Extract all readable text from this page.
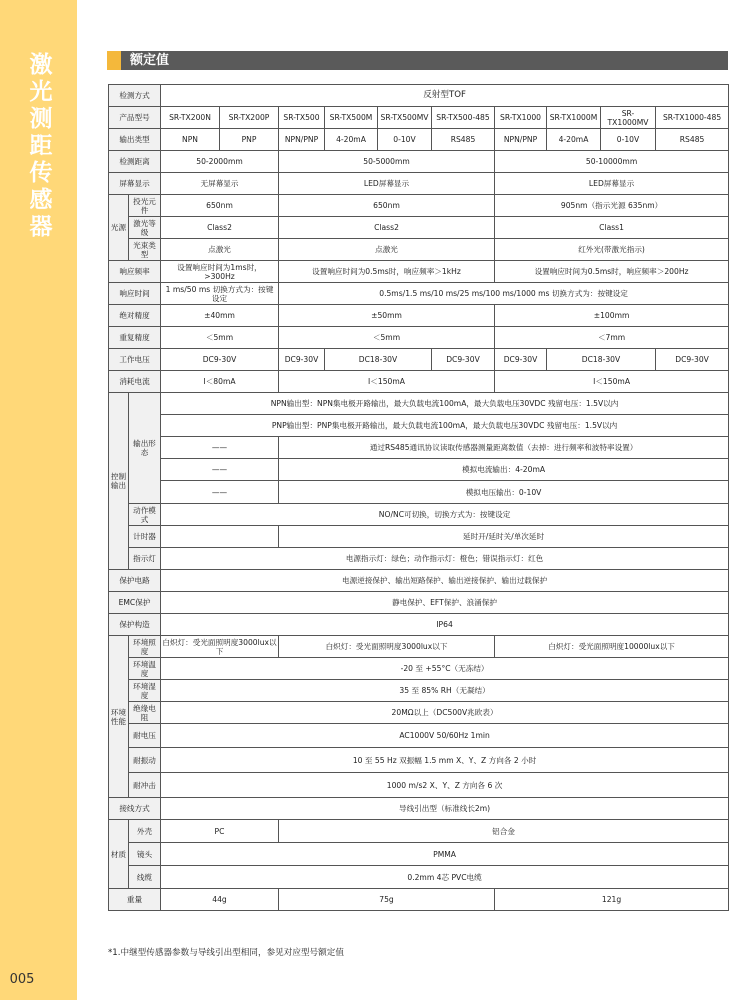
激
光
测
距
传
感
器
005
额定值
检测方式		反射型TOF									
产品型号		SR-TX200N	SR-TX200P	SR-TX500	SR-TX500M	SR-TX500MV	SR-TX500-485	SR-TX1000	SR-TX1000M	SR-TX1000MV	SR-TX1000-485
输出类型		NPN	PNP	NPN/PNP	4-20mA	0-10V	RS485	NPN/PNP	4-20mA	0-10V	RS485
检测距离		50-2000mm		50-5000mm				50-10000mm			
屏幕显示		无屏幕显示		LED屏幕显示				LED屏幕显示			
光源	投光元件	650nm		650nm				905nm（指示光源 635nm）			
	激光等级	Class2		Class2				Class1			
	光束类型	点激光		点激光				红外光(带激光指示)			
响应频率		设置响应时间为1ms时，>300Hz		设置响应时间为0.5ms时，响应频率＞1kHz				设置响应时间为0.5ms时，响应频率＞200Hz			
响应时间		1 ms/50 ms 切换方式为：按键设定		0.5ms/1.5 ms/10 ms/25 ms/100 ms/1000 ms 切换方式为：按键设定							
绝对精度		±40mm		±50mm				±100mm			
重复精度		＜5mm		＜5mm				＜7mm			
工作电压		DC9-30V		DC9-30V	DC18-30V		DC9-30V	DC9-30V	DC18-30V		DC9-30V
消耗电流		I＜80mA		I＜150mA				I＜150mA			
控制输出	输出形态	NPN输出型：NPN集电极开路输出，最大负载电流100mA，最大负载电压30VDC 残留电压：1.5V以内									
		PNP输出型：PNP集电极开路输出，最大负载电流100mA，最大负载电压30VDC 残留电压：1.5V以内									
		——		通过RS485通讯协议读取传感器测量距离数值（去掉：进行频率和波特率设置）							
		——		模拟电流输出：4-20mA							
		——		模拟电压输出：0-10V							
	动作模式	NO/NC可切换，切换方式为：按键设定									
	计时器			延时开/延时关/单次延时							
	指示灯	电源指示灯：绿色；动作指示灯：橙色；错误指示灯：红色									
保护电路		电源逆接保护、输出短路保护、输出逆接保护、输出过载保护									
EMC保护		静电保护、EFT保护、浪涌保护									
保护构造		IP64									
环境性能	环境照度	白炽灯：受光面照明度3000lux以下		白炽灯：受光面照明度3000lux以下				白炽灯：受光面照明度10000lux以下			
	环境温度	-20 至 +55°C（无冻结）									
	环境湿度	35 至 85% RH（无凝结）									
	绝缘电阻	20MΩ以上（DC500V兆欧表）									
	耐电压	AC1000V 50/60Hz 1min									
	耐振动	10 至 55 Hz 双振幅 1.5 mm X、Y、Z 方向各 2 小时									
	耐冲击	1000 m/s2 X、Y、Z 方向各 6 次									
接线方式		导线引出型（标准线长2m)									
材质	外壳	PC		铝合金							
	镜头	PMMA									
	线缆	0.2mm 4芯 PVC电缆									
重量		44g		75g				121g			
*1.中继型传感器参数与导线引出型相同，参见对应型号额定值
